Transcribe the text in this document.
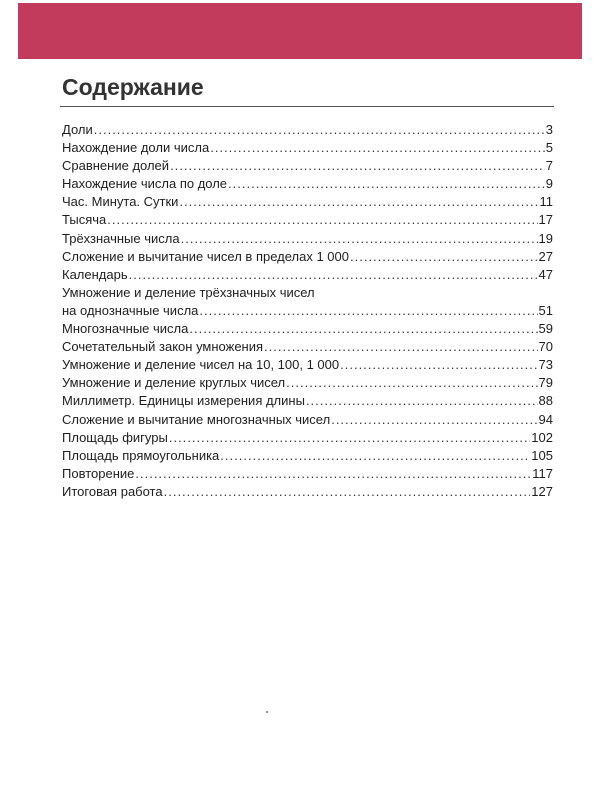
Содержание
Доли .....	3
Нахождение доли числа .....	5
Сравнение долей .....	7
Нахождение числа по доле .....	9
Час. Минута. Сутки .....	11
Тысяча .....	17
Трёхзначные числа .....	19
Сложение и вычитание чисел в пределах 1 000 .....	27
Календарь .....	47
Умножение и деление трёхзначных чисел
на однозначные числа .....	51
Многозначные числа .....	59
Сочетательный закон умножения .....	70
Умножение и деление чисел на 10, 100, 1 000 .....	73
Умножение и деление круглых чисел .....	79
Миллиметр. Единицы измерения длины .....	88
Сложение и вычитание многозначных чисел .....	94
Площадь фигуры .....	102
Площадь прямоугольника .....	105
Повторение .....	117
Итоговая работа .....	127
